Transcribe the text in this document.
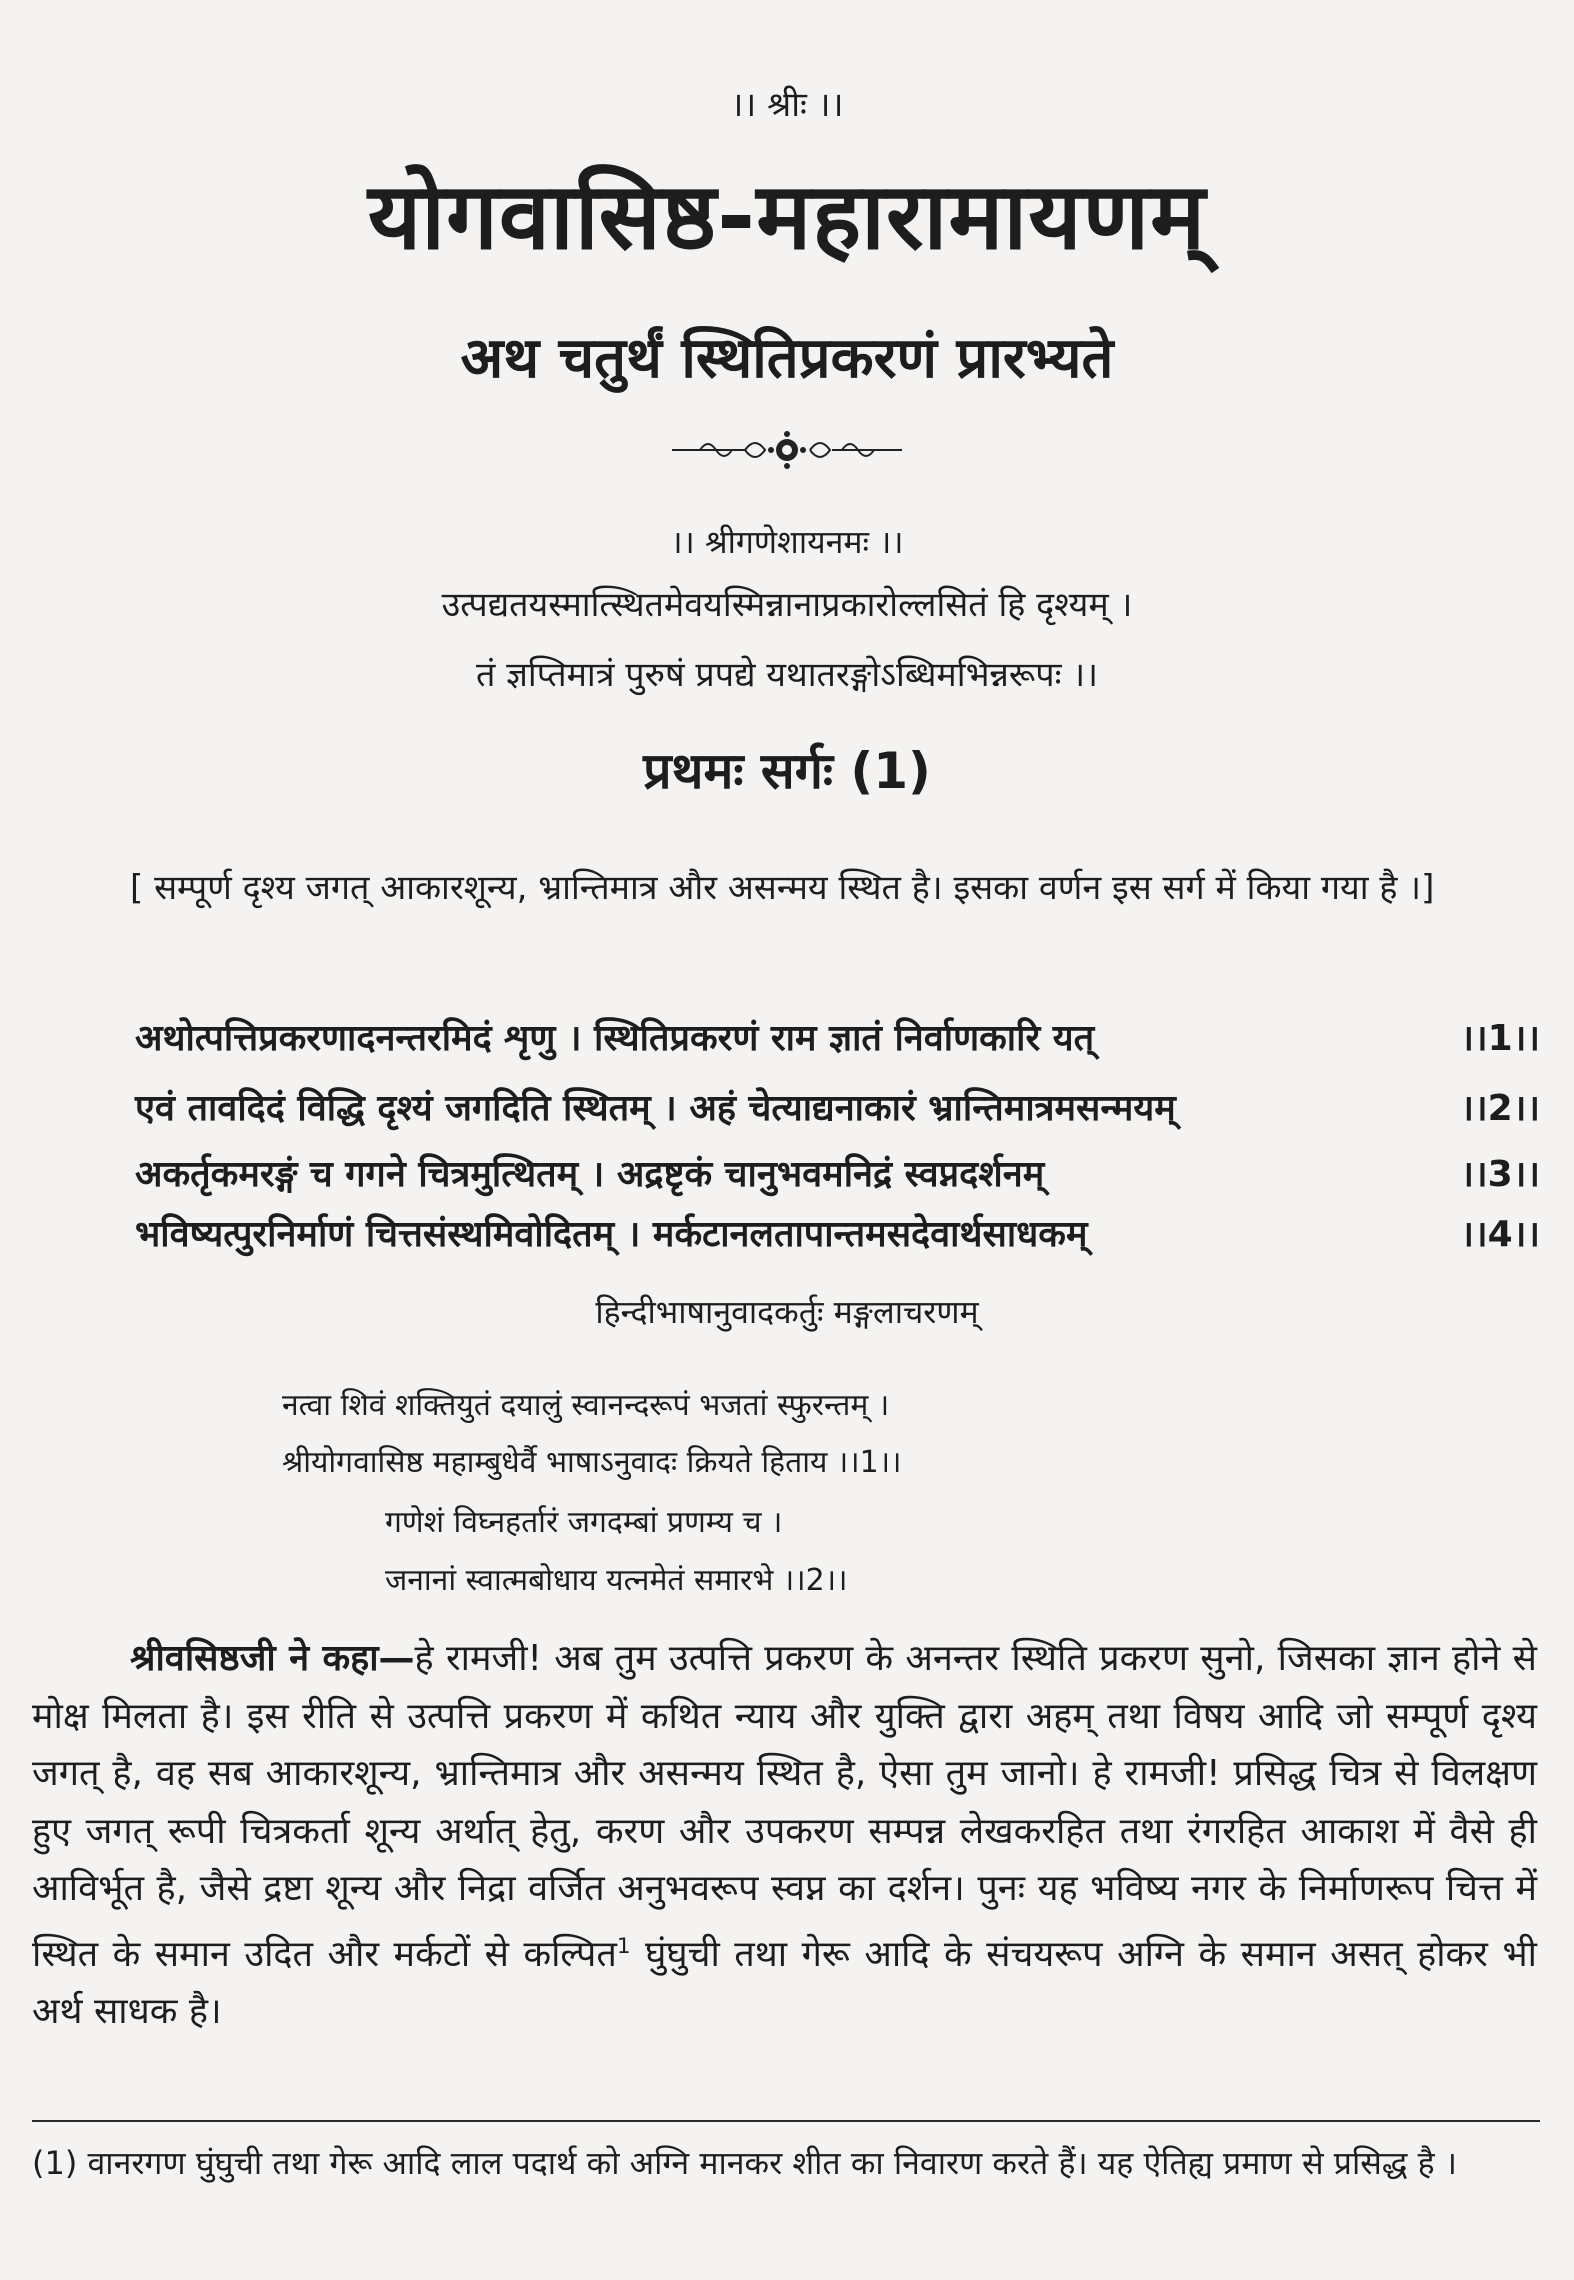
।। श्रीः ।।
योगवासिष्ठ-महारामायणम्
अथ चतुर्थं स्थितिप्रकरणं प्रारभ्यते
।। श्रीगणेशायनमः ।।
उत्पद्यतयस्मात्स्थितमेवयस्मिन्नानाप्रकारोल्लसितं हि दृश्यम् ।
तं ज्ञप्तिमात्रं पुरुषं प्रपद्ये यथातरङ्गोऽब्धिमभिन्नरूपः ।।
प्रथमः सर्गः (1)
[ सम्पूर्ण दृश्य जगत् आकारशून्य, भ्रान्तिमात्र और असन्मय स्थित है। इसका वर्णन इस सर्ग में किया गया है ।]
अथोत्पत्तिप्रकरणादनन्तरमिदं शृणु । स्थितिप्रकरणं राम ज्ञातं निर्वाणकारि यत्	।।1।।
एवं तावदिदं विद्धि दृश्यं जगदिति स्थितम् । अहं चेत्याद्यनाकारं भ्रान्तिमात्रमसन्मयम्	।।2।।
अकर्तृकमरङ्गं च गगने चित्रमुत्थितम् । अद्रष्टृकं चानुभवमनिद्रं स्वप्नदर्शनम्	।।3।।
भविष्यत्पुरनिर्माणं चित्तसंस्थमिवोदितम् । मर्कटानलतापान्तमसदेवार्थसाधकम्	।।4।।
हिन्दीभाषानुवादकर्तुः मङ्गलाचरणम्
नत्वा शिवं शक्तियुतं दयालुं स्वानन्दरूपं भजतां स्फुरन्तम् ।
श्रीयोगवासिष्ठ महाम्बुधेर्वै भाषाऽनुवादः क्रियते हिताय ।।1।।
गणेशं विघ्नहर्तारं जगदम्बां प्रणम्य च ।
जनानां स्वात्मबोधाय यत्नमेतं समारभे ।।2।।
श्रीवसिष्ठजी ने कहा—हे रामजी! अब तुम उत्पत्ति प्रकरण के अनन्तर स्थिति प्रकरण सुनो, जिसका ज्ञान होने से मोक्ष मिलता है। इस रीति से उत्पत्ति प्रकरण में कथित न्याय और युक्ति द्वारा अहम् तथा विषय आदि जो सम्पूर्ण दृश्य जगत् है, वह सब आकारशून्य, भ्रान्तिमात्र और असन्मय स्थित है, ऐसा तुम जानो। हे रामजी! प्रसिद्ध चित्र से विलक्षण हुए जगत् रूपी चित्रकर्ता शून्य अर्थात् हेतु, करण और उपकरण सम्पन्न लेखकरहित तथा रंगरहित आकाश में वैसे ही आविर्भूत है, जैसे द्रष्टा शून्य और निद्रा वर्जित अनुभवरूप स्वप्न का दर्शन। पुनः यह भविष्य नगर के निर्माणरूप चित्त में स्थित के समान उदित और मर्कटों से कल्पित$^1$ घुंघुची तथा गेरू आदि के संचयरूप अग्नि के समान असत् होकर भी अर्थ साधक है।
(1) वानरगण घुंघुची तथा गेरू आदि लाल पदार्थ को अग्नि मानकर शीत का निवारण करते हैं। यह ऐतिह्य प्रमाण से प्रसिद्ध है ।
